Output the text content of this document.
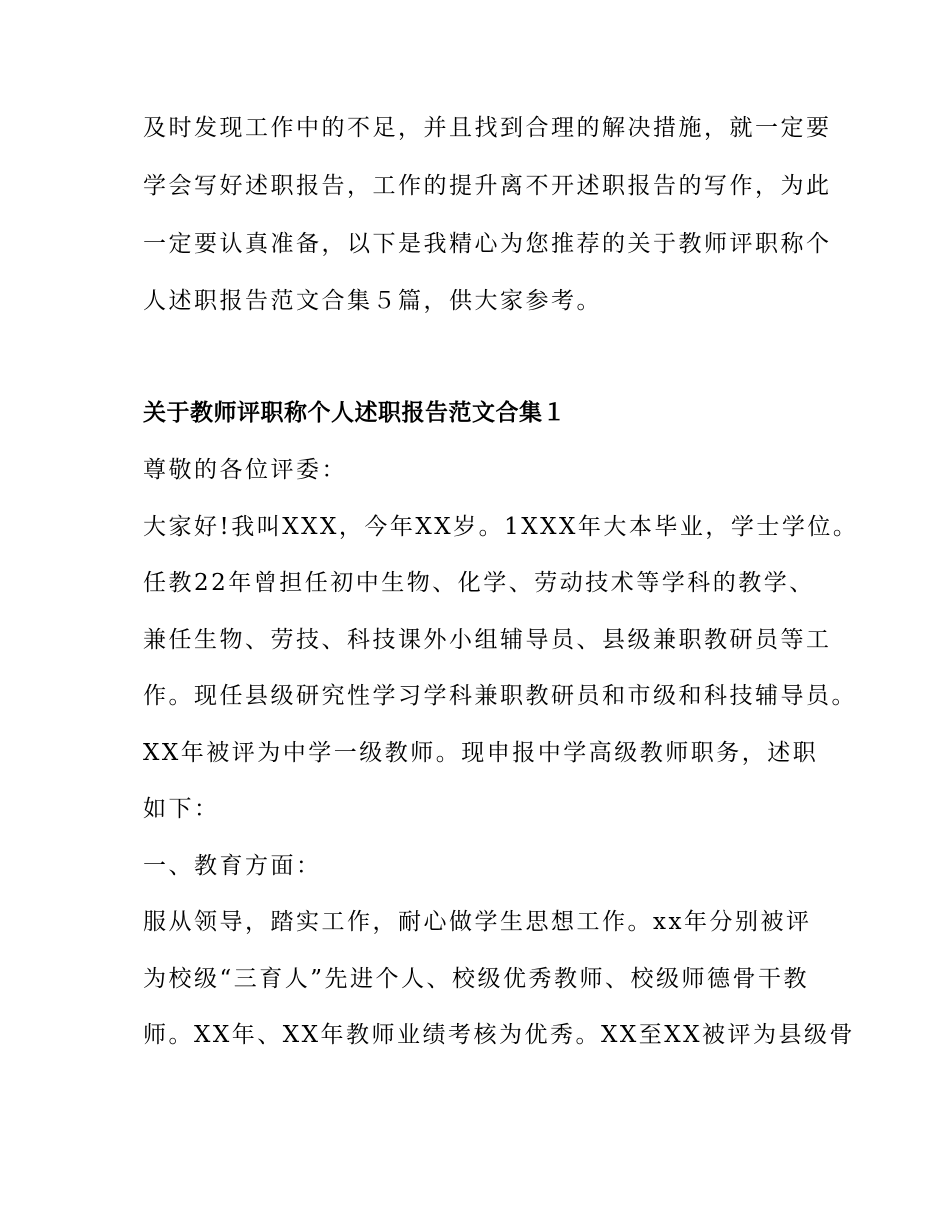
及时发现工作中的不足，并且找到合理的解决措施，就一定要
学会写好述职报告，工作的提升离不开述职报告的写作，为此
一定要认真准备，以下是我精心为您推荐的关于教师评职称个
人述职报告范文合集５篇，供大家参考。
关于教师评职称个人述职报告范文合集１
尊敬的各位评委：
大家好!我叫XXX，今年XX岁。1XXX年大本毕业，学士学位。
任教22年曾担任初中生物、化学、劳动技术等学科的教学、
兼任生物、劳技、科技课外小组辅导员、县级兼职教研员等工
作。现任县级研究性学习学科兼职教研员和市级和科技辅导员。
XX年被评为中学一级教师。现申报中学高级教师职务，述职
如下：
一、教育方面：
服从领导，踏实工作，耐心做学生思想工作。xx年分别被评
为校级“三育人”先进个人、校级优秀教师、校级师德骨干教
师。XX年、XX年教师业绩考核为优秀。XX至XX被评为县级骨
